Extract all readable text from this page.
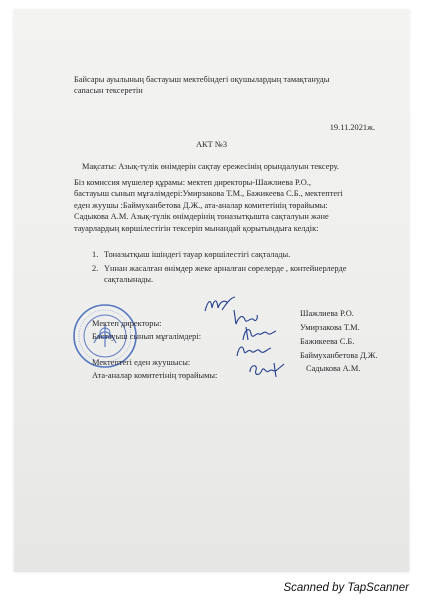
Байсары ауылының бастауыш мектебіндегі оқушылардың тамақтануды
сапасын тексеретін
19.11.2021ж.
АКТ №3
Мақсаты: Азық-түлік өнімдерін сақтау ережесінің орындалуын тексеру.
Біз комиссия мүшелер құрамы: мектеп директоры-Шажлиева Р.О.,
бастауыш сынып мұғалімдері:Умирзакова Т.М., Бажикеева С.Б., мектептегі
еден жуушы :Баймуханбетова Д.Ж., ата-аналар комитетінің төрайымы:
Садыкова А.М. Азық-түлік өнімдерінің тоназытқышта сақталуын және
тауарлардың көршілестігін тексеріп мынандай қорытындыға келдік:
1. Тоназытқыш ішіндегі тауар көршілестігі сақталады.
2. Үннан жасалған өнімдер жеке арналған сөрелерде , контейнерлерде
сақталынады.
Мектеп директоры:
Шажлиева Р.О.
Бастауыш сынып мұғалімдері:
Умирзакова Т.М.
Бажикеева С.Б.
Мектептегі еден жуушысы:
Баймуханбетова Д.Ж.
Ата-аналар комитетінің төрайымы:
Садыкова А.М.
Scanned by TapScanner
